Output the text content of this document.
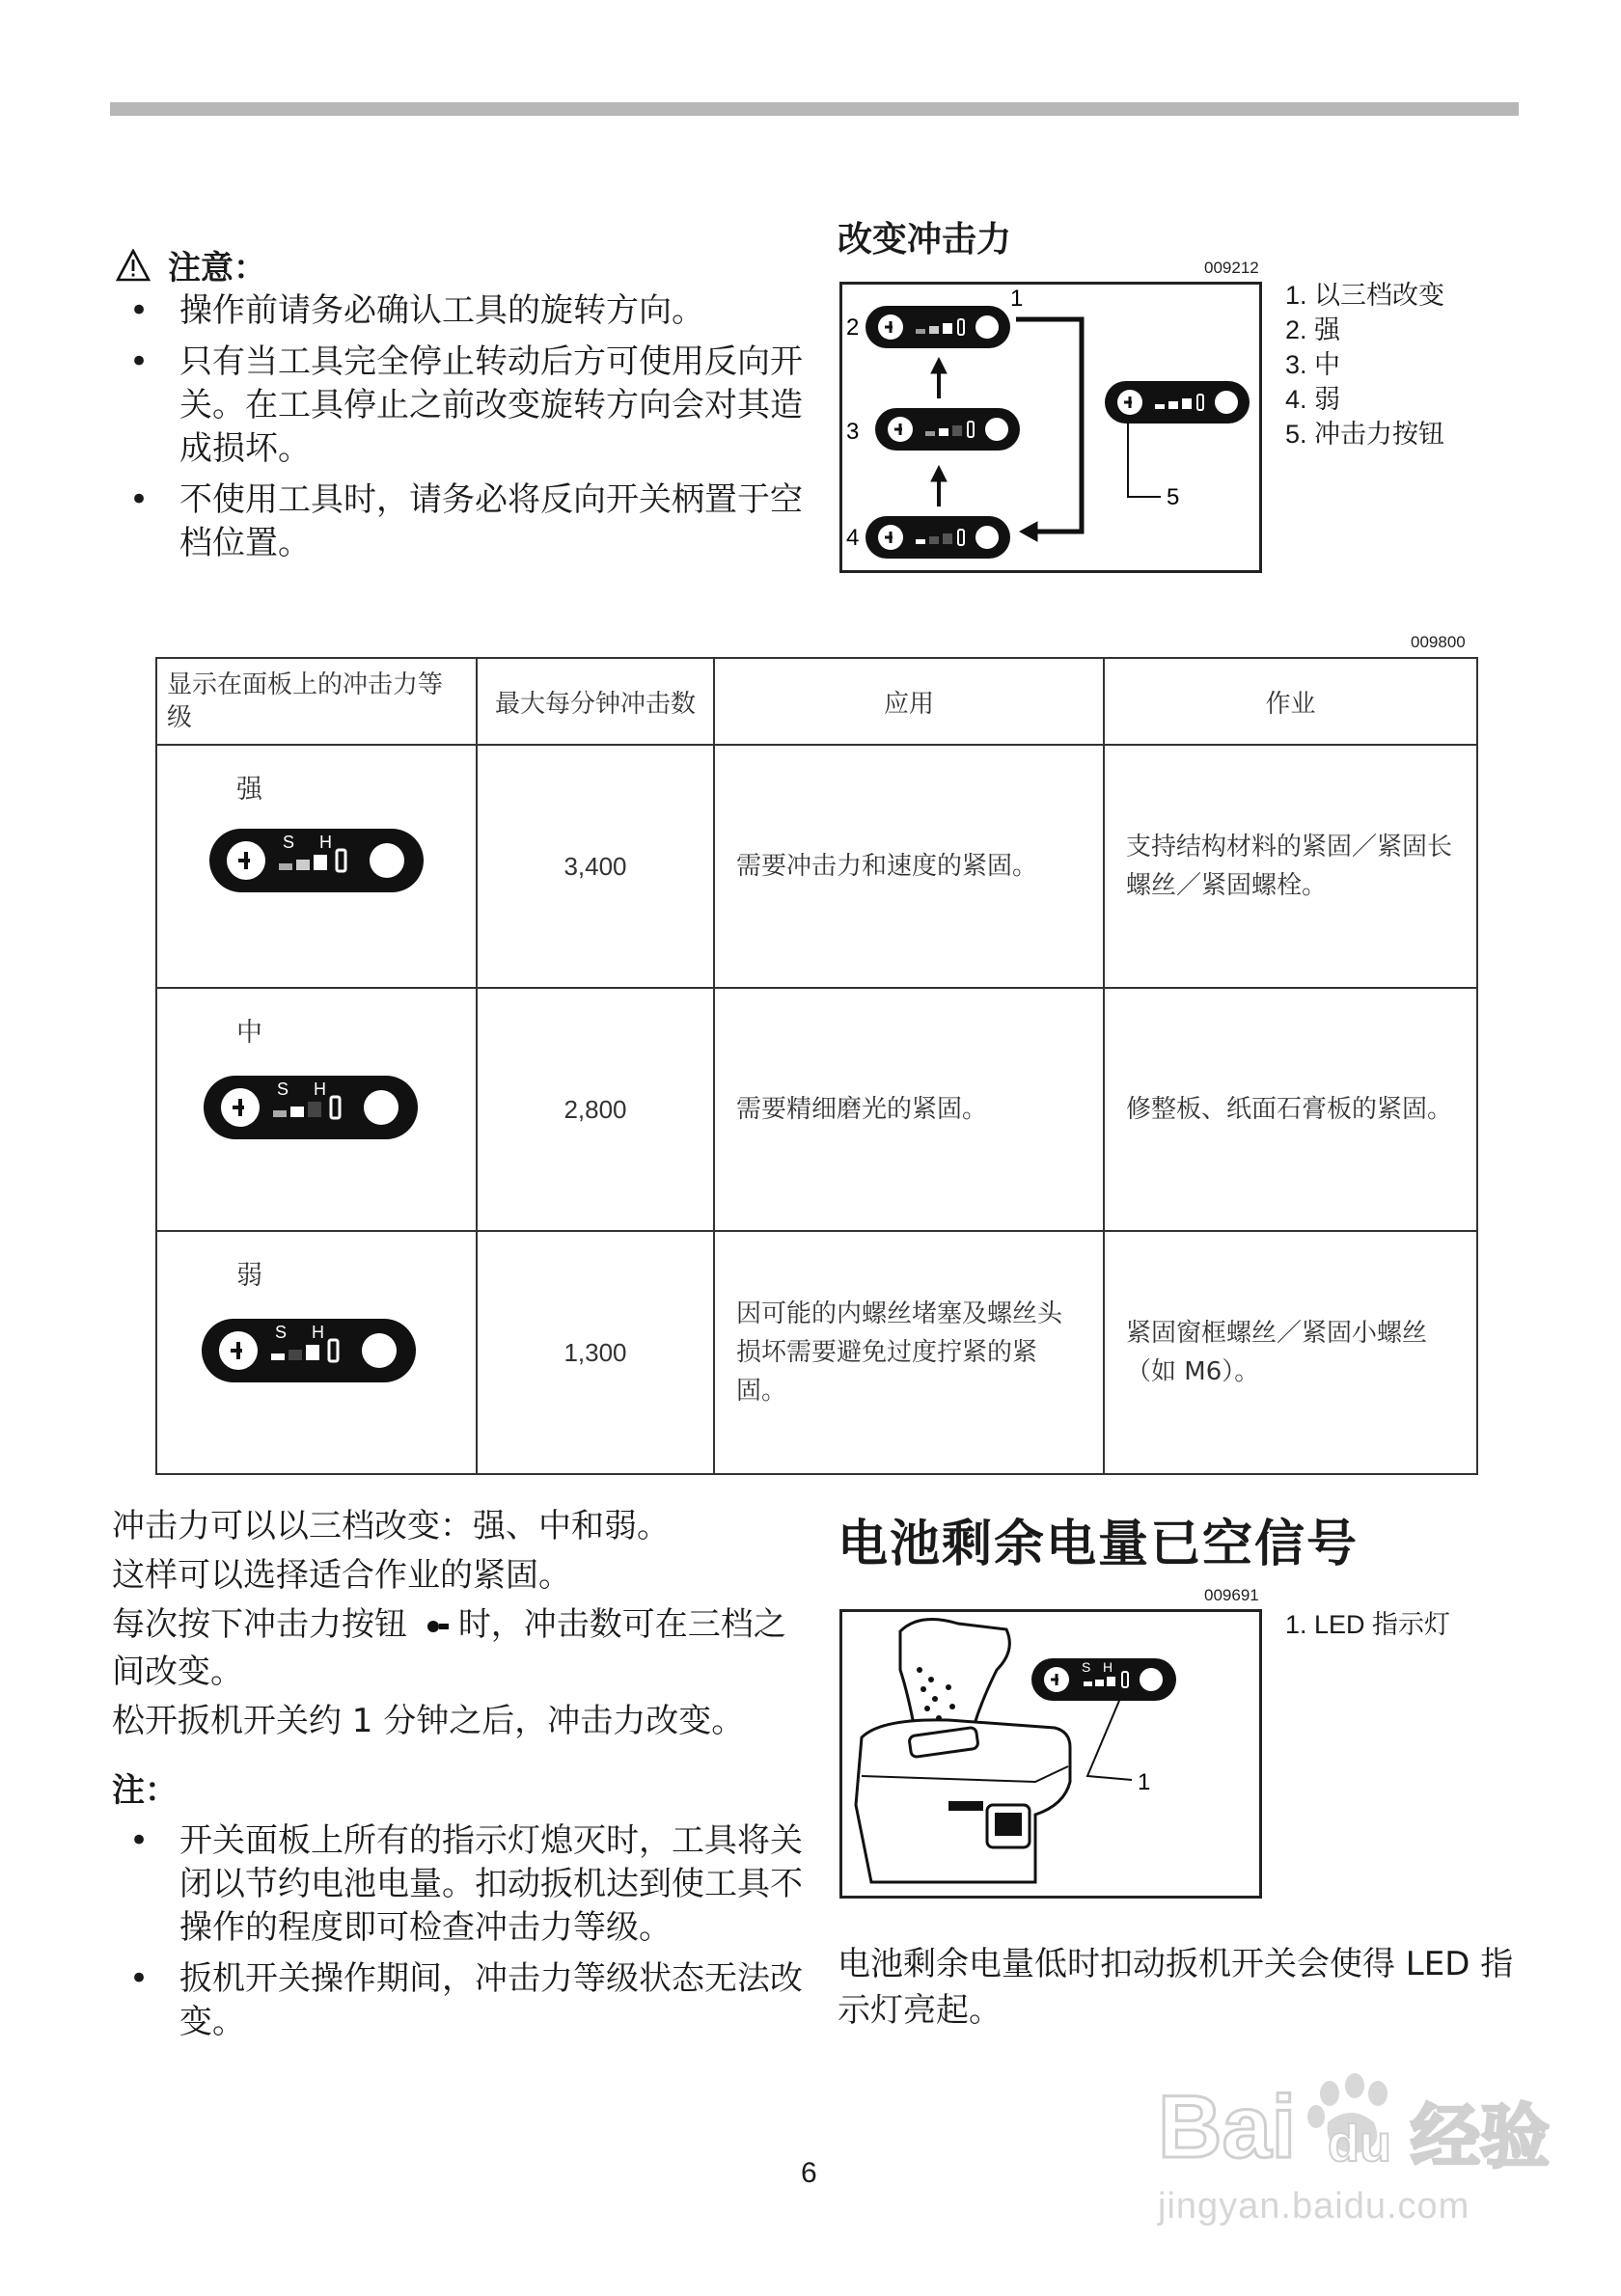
注意：
• 操作前请务必确认工具的旋转方向。
• 只有当工具完全停止转动后方可使用反向开关。在工具停止之前改变旋转方向会对其造成损坏。
• 不使用工具时，请务必将反向开关柄置于空档位置。
改变冲击力
009212
1
2
3
4
5
1. 以三档改变
2. 强
3. 中
4. 弱
5. 冲击力按钮
009800
显示在面板上的冲击力等级	最大每分钟冲击数	应用	作业

强
S H	3,400	需要冲击力和速度的紧固。	支持结构材料的紧固／紧固长螺丝／紧固螺栓。

中
S H	2,800	需要精细磨光的紧固。	修整板、纸面石膏板的紧固。

弱
S H	1,300	因可能的内螺丝堵塞及螺丝头损坏需要避免过度拧紧的紧固。	紧固窗框螺丝／紧固小螺丝（如 M6）。

冲击力可以以三档改变：强、中和弱。

这样可以选择适合作业的紧固。

每次按下冲击力按钮 时，冲击数可在三档之间改变。

松开扳机开关约 1 分钟之后，冲击力改变。

注：
• 开关面板上所有的指示灯熄灭时，工具将关闭以节约电池电量。扣动扳机达到使工具不操作的程度即可检查冲击力等级。
• 扳机开关操作期间，冲击力等级状态无法改变。
电池剩余电量已空信号
009691
S H
1
1. LED 指示灯
电池剩余电量低时扣动扳机开关会使得 LED 指示灯亮起。
6	Bai du 经验
jingyan.baidu.com
